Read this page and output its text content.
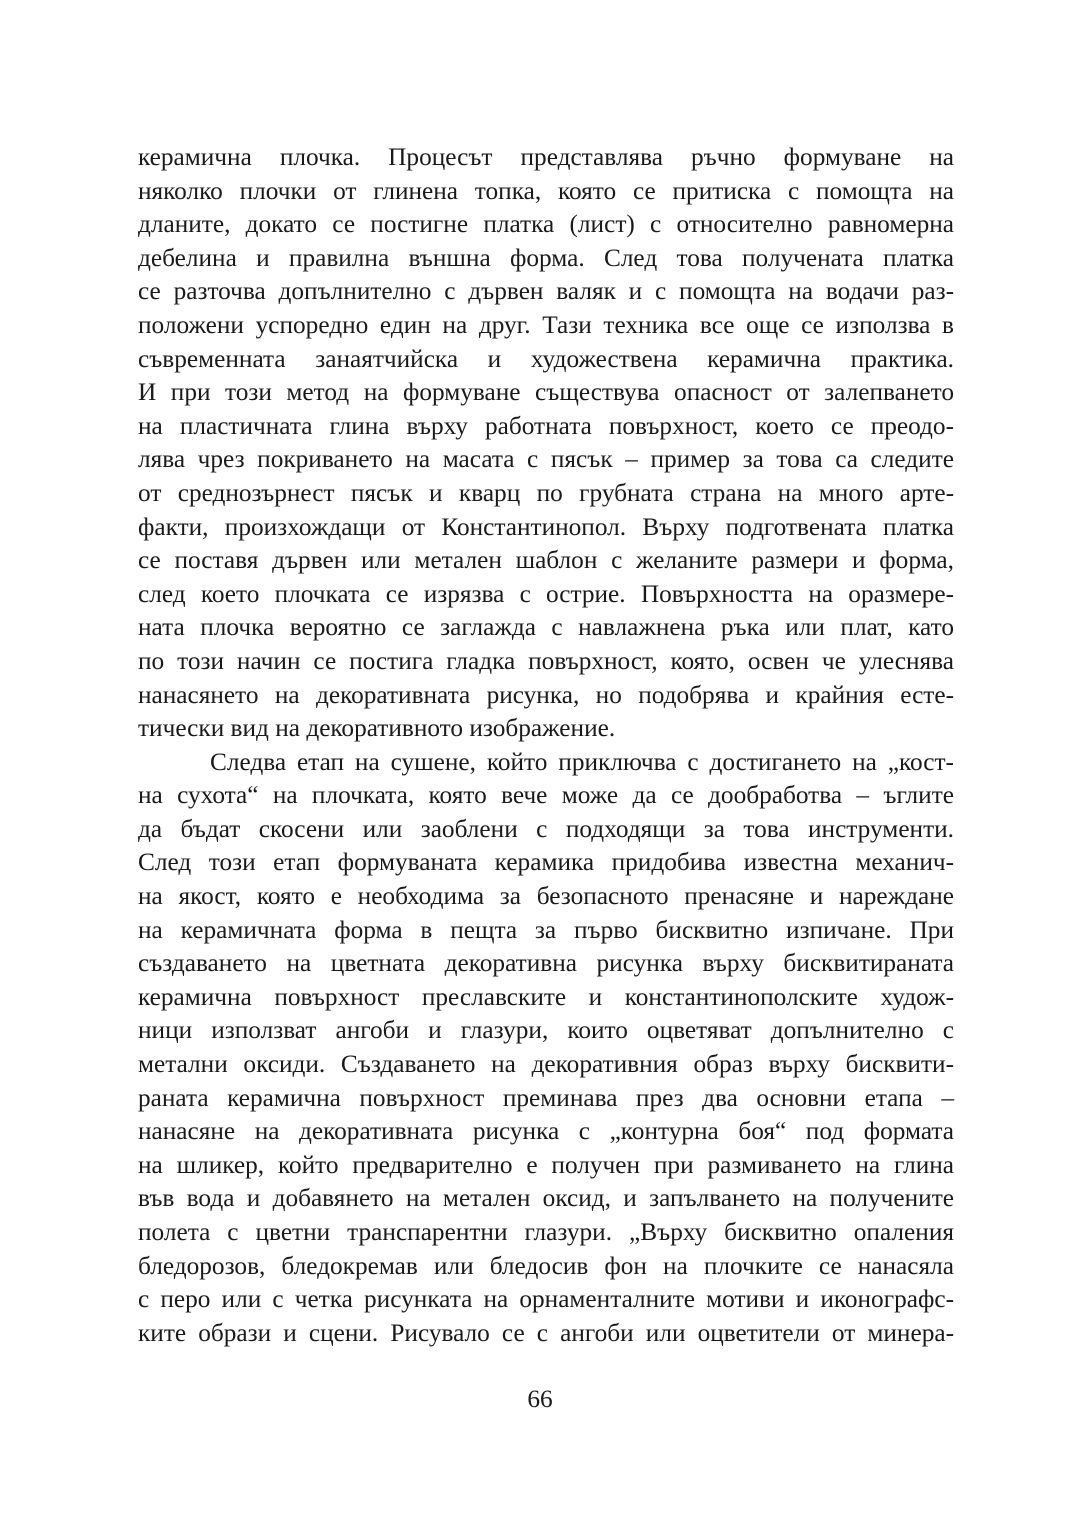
керамична плочка. Процесът представлява ръчно формуване на
няколко плочки от глинена топка, която се притиска с помощта на
дланите, докато се постигне платка (лист) с относително равномерна
дебелина и правилна външна форма. След това получената платка
се разточва допълнително с дървен валяк и с помощта на водачи раз-
положени успоредно един на друг. Тази техника все още се използва в
съвременната занаятчийска и художествена керамична практика.
И при този метод на формуване съществува опасност от залепването
на пластичната глина върху работната повърхност, което се преодо-
лява чрез покриването на масата с пясък – пример за това са следите
от среднозърнест пясък и кварц по грубната страна на много арте-
факти, произхождащи от Константинопол. Върху подготвената платка
се поставя дървен или метален шаблон с желаните размери и форма,
след което плочката се изрязва с острие. Повърхността на оразмере-
ната плочка вероятно се заглажда с навлажнена ръка или плат, като
по този начин се постига гладка повърхност, която, освен че улеснява
нанасянето на декоративната рисунка, но подобрява и крайния есте-
тически вид на декоративното изображение.
Следва етап на сушене, който приключва с достигането на „кост-
на сухота“ на плочката, която вече може да се дообработва – ъглите
да бъдат скосени или заоблени с подходящи за това инструменти.
След този етап формуваната керамика придобива известна механич-
на якост, която е необходима за безопасното пренасяне и нареждане
на керамичната форма в пещта за първо бисквитно изпичане. При
създаването на цветната декоративна рисунка върху бисквитираната
керамична повърхност преславските и константинополските худож-
ници използват ангоби и глазури, които оцветяват допълнително с
метални оксиди. Създаването на декоративния образ върху бисквити-
раната керамична повърхност преминава през два основни етапа –
нанасяне на декоративната рисунка с „контурна боя“ под формата
на шликер, който предварително е получен при размиването на глина
във вода и добавянето на метален оксид, и запълването на получените
полета с цветни транспарентни глазури. „Върху бисквитно опаления
бледорозов, бледокремав или бледосив фон на плочките се нанасяла
с перо или с четка рисунката на орнаменталните мотиви и иконографс-
ките образи и сцени. Рисувало се с ангоби или оцветители от минера-
66
